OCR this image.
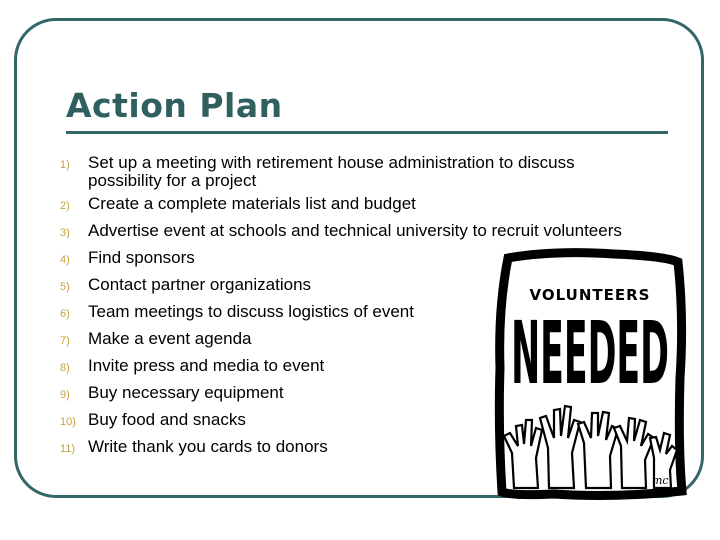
Action Plan
1)	Set up a meeting with retirement house administration to discuss possibility for a project
2)	Create a complete materials list and budget
3)	Advertise event at schools and technical university to recruit volunteers
4)	Find sponsors
5)	Contact partner organizations
6)	Team meetings to discuss logistics of event
7)	Make a event agenda
8)	Invite press and media to event
9)	Buy necessary equipment
10) Buy food and snacks
11) Write thank you cards to donors
VOLUNTEERS
NEEDED
mc
